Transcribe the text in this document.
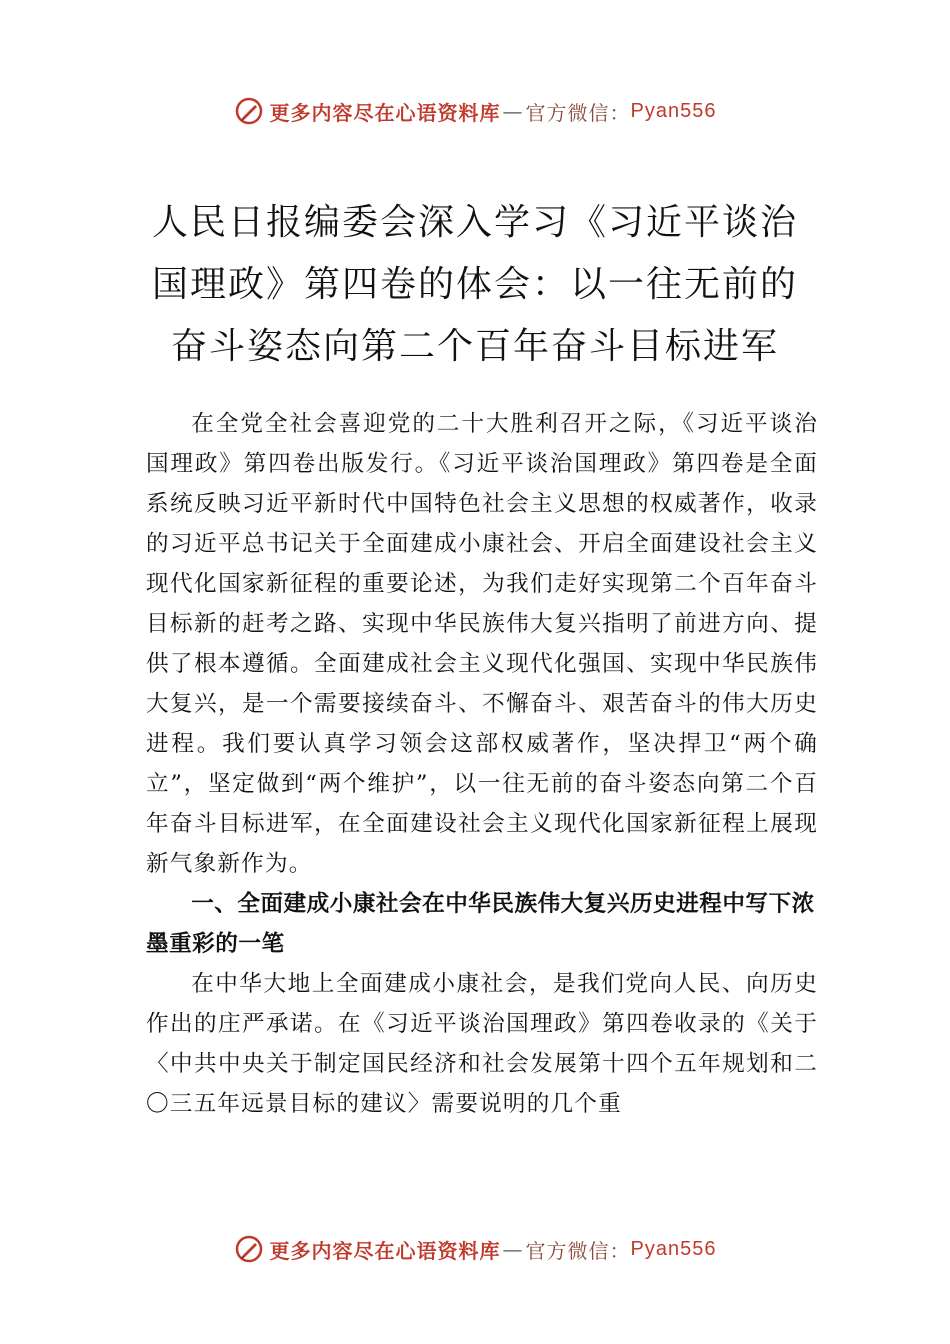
更多内容尽在心语资料库 — 官方微信： Pyan556
人民日报编委会深入学习《习近平谈治国理政》第四卷的体会：以一往无前的奋斗姿态向第二个百年奋斗目标进军

在全党全社会喜迎党的二十大胜利召开之际，《习近平谈治国理政》第四卷出版发行。《习近平谈治国理政》第四卷是全面系统反映习近平新时代中国特色社会主义思想的权威著作，收录的习近平总书记关于全面建成小康社会、开启全面建设社会主义现代化国家新征程的重要论述，为我们走好实现第二个百年奋斗目标新的赶考之路、实现中华民族伟大复兴指明了前进方向、提供了根本遵循。全面建成社会主义现代化强国、实现中华民族伟大复兴，是一个需要接续奋斗、不懈奋斗、艰苦奋斗的伟大历史进程。我们要认真学习领会这部权威著作，坚决捍卫“两个确立”，坚定做到“两个维护”，以一往无前的奋斗姿态向第二个百年奋斗目标进军，在全面建设社会主义现代化国家新征程上展现新气象新作为。

一、全面建成小康社会在中华民族伟大复兴历史进程中写下浓墨重彩的一笔

在中华大地上全面建成小康社会，是我们党向人民、向历史作出的庄严承诺。在《习近平谈治国理政》第四卷收录的《关于〈中共中央关于制定国民经济和社会发展第十四个五年规划和二〇三五年远景目标的建议〉需要说明的几个重

更多内容尽在心语资料库 — 官方微信： Pyan556
